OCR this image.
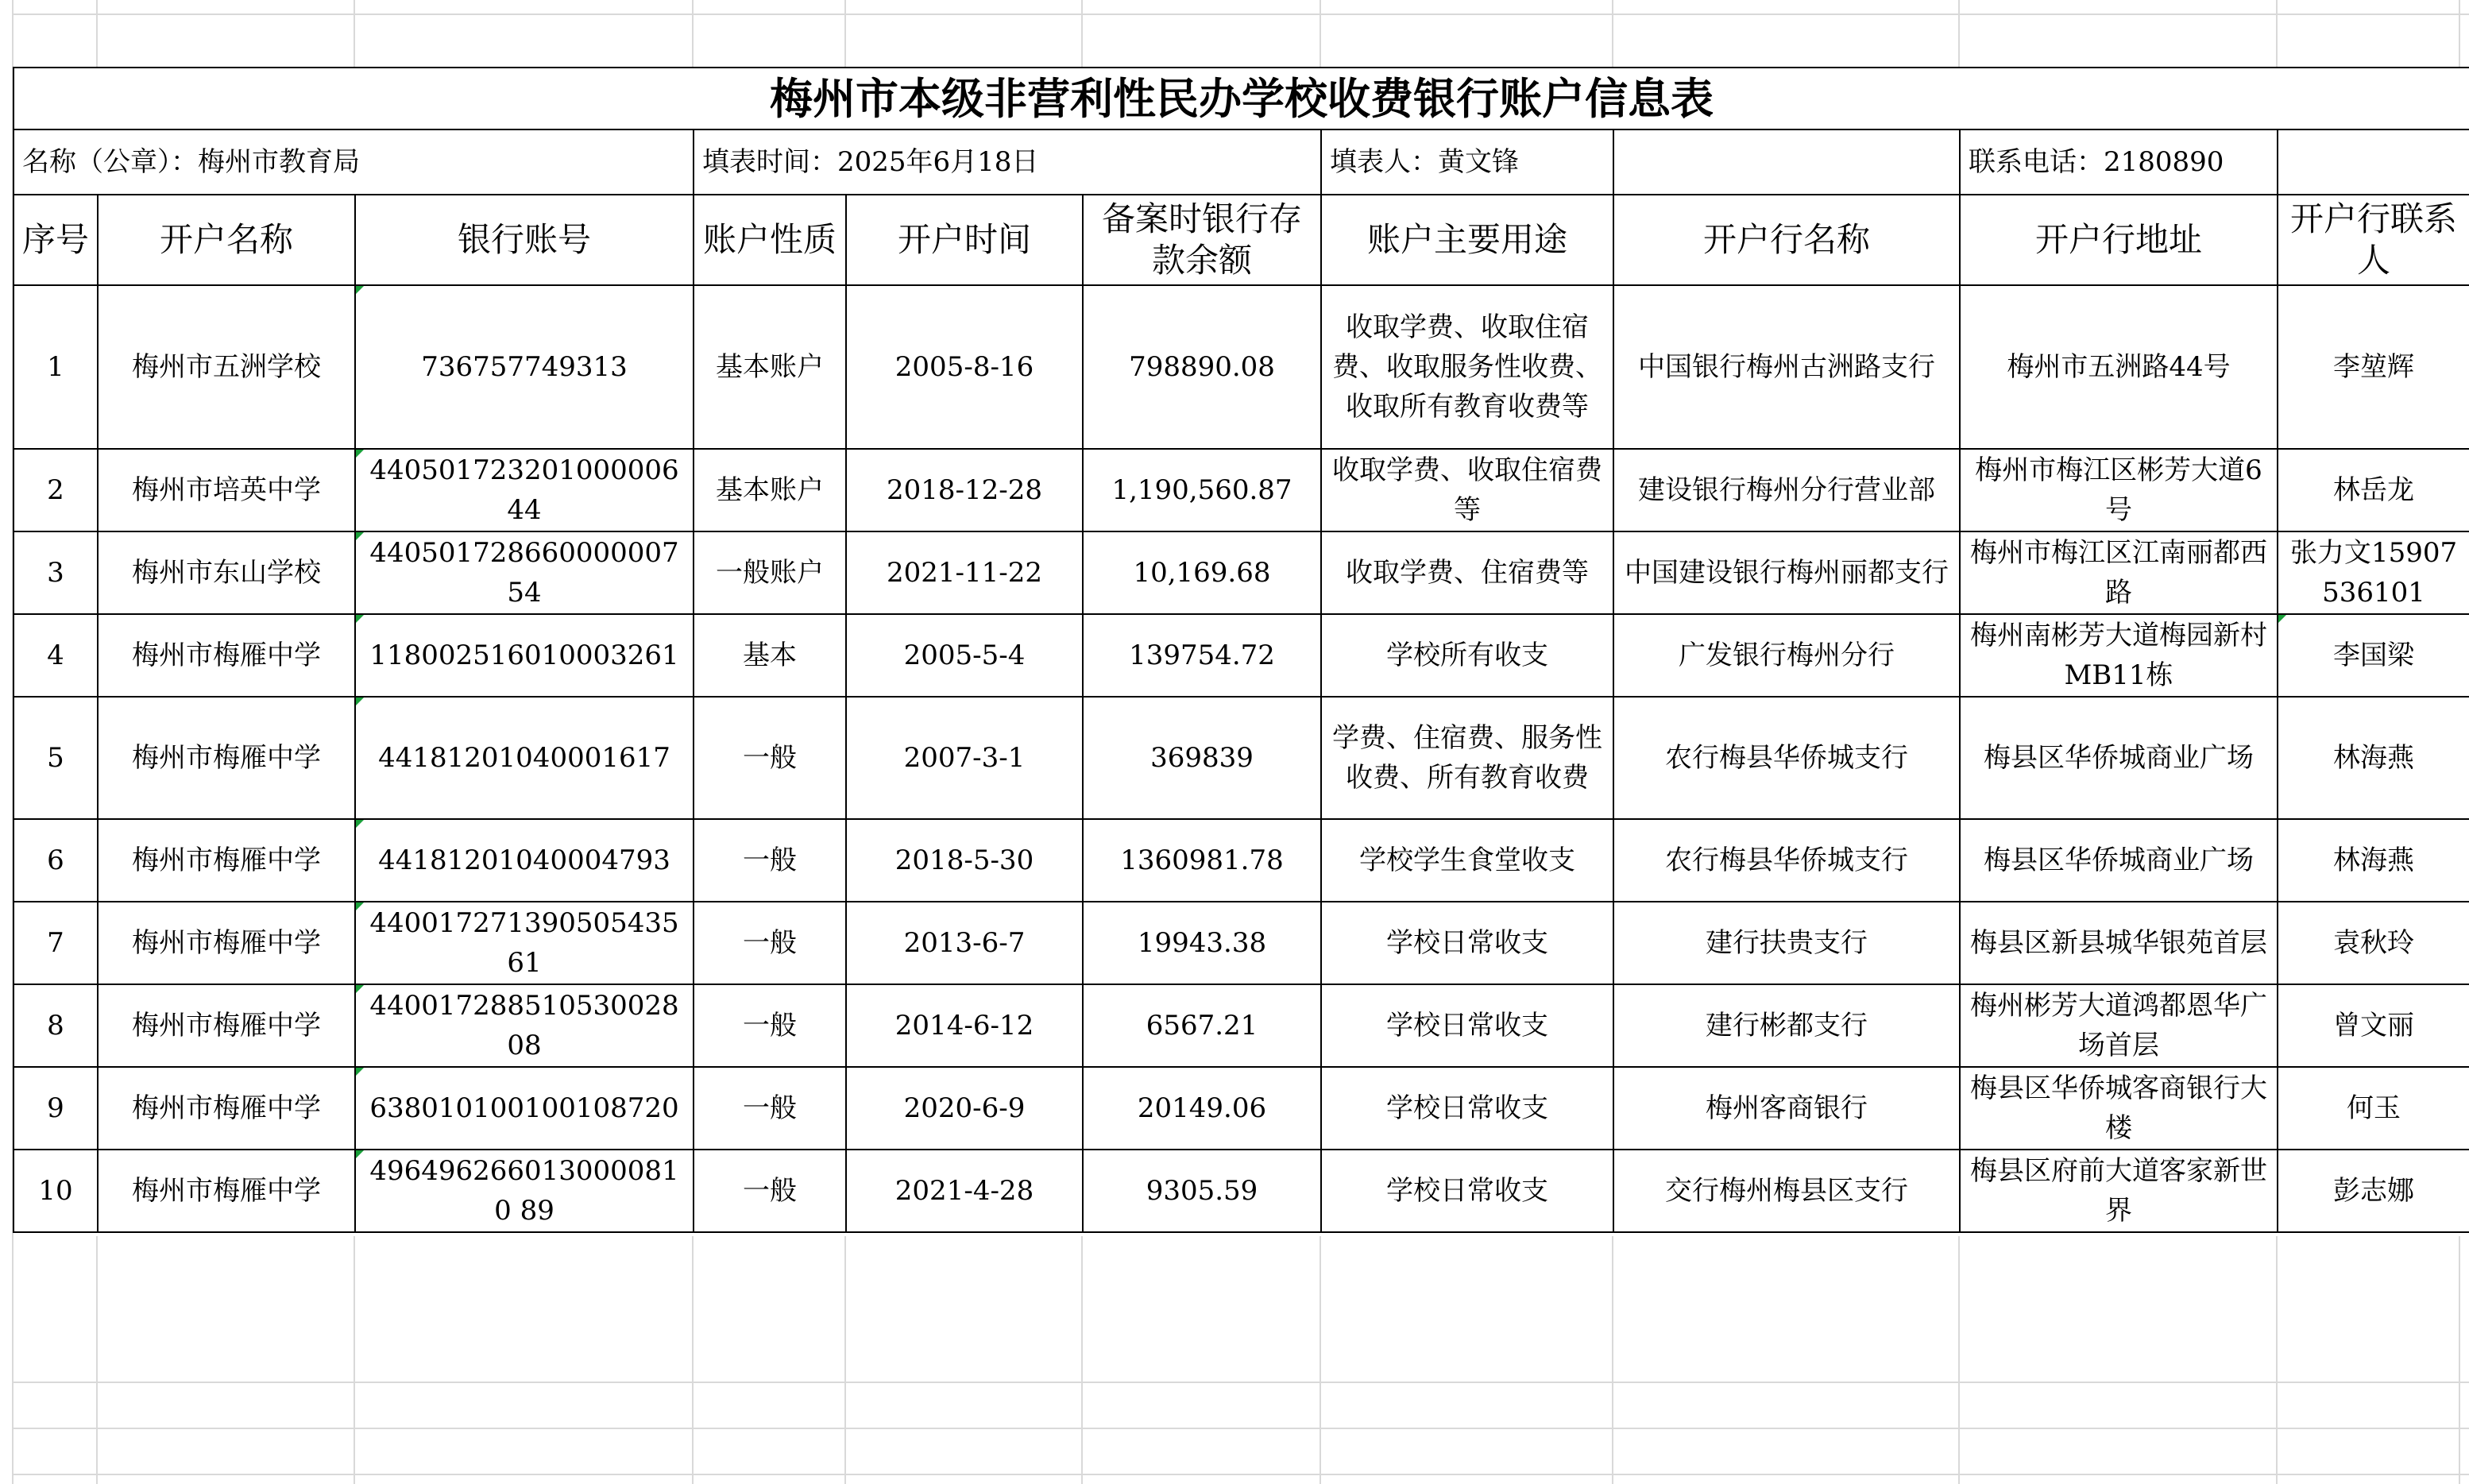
梅州市本级非营利性民办学校收费银行账户信息表									
名称（公章）：梅州市教育局			填表时间：2025年6月18日			填表人：黄文锋		联系电话：2180890	
序号	开户名称	银行账号	账户性质	开户时间	备案时银行存款余额	账户主要用途	开户行名称	开户行地址	开户行联系人
1	梅州市五洲学校	736757749313	基本账户	2005-8-16	798890.08	收取学费、收取住宿费、收取服务性收费、收取所有教育收费等	中国银行梅州古洲路支行	梅州市五洲路44号	李堃辉
2	梅州市培英中学	44050172320100000644	基本账户	2018-12-28	1,190,560.87	收取学费、收取住宿费等	建设银行梅州分行营业部	梅州市梅江区彬芳大道6号	林岳龙
3	梅州市东山学校	44050172866000000754	一般账户	2021-11-22	10,169.68	收取学费、住宿费等	中国建设银行梅州丽都支行	梅州市梅江区江南丽都西路	张力文15907536101
4	梅州市梅雁中学	118002516010003261	基本	2005-5-4	139754.72	学校所有收支	广发银行梅州分行	梅州南彬芳大道梅园新村MB11栋	李国梁
5	梅州市梅雁中学	44181201040001617	一般	2007-3-1	369839	学费、住宿费、服务性收费、所有教育收费	农行梅县华侨城支行	梅县区华侨城商业广场	林海燕
6	梅州市梅雁中学	44181201040004793	一般	2018-5-30	1360981.78	学校学生食堂收支	农行梅县华侨城支行	梅县区华侨城商业广场	林海燕
7	梅州市梅雁中学	44001727139050543561	一般	2013-6-7	19943.38	学校日常收支	建行扶贵支行	梅县区新县城华银苑首层	袁秋玲
8	梅州市梅雁中学	44001728851053002808	一般	2014-6-12	6567.21	学校日常收支	建行彬都支行	梅州彬芳大道鸿都恩华广场首层	曾文丽
9	梅州市梅雁中学	638010100100108720	一般	2020-6-9	20149.06	学校日常收支	梅州客商银行	梅县区华侨城客商银行大楼	何玉
10	梅州市梅雁中学	4964962660130000810 89	一般	2021-4-28	9305.59	学校日常收支	交行梅州梅县区支行	梅县区府前大道客家新世界	彭志娜
